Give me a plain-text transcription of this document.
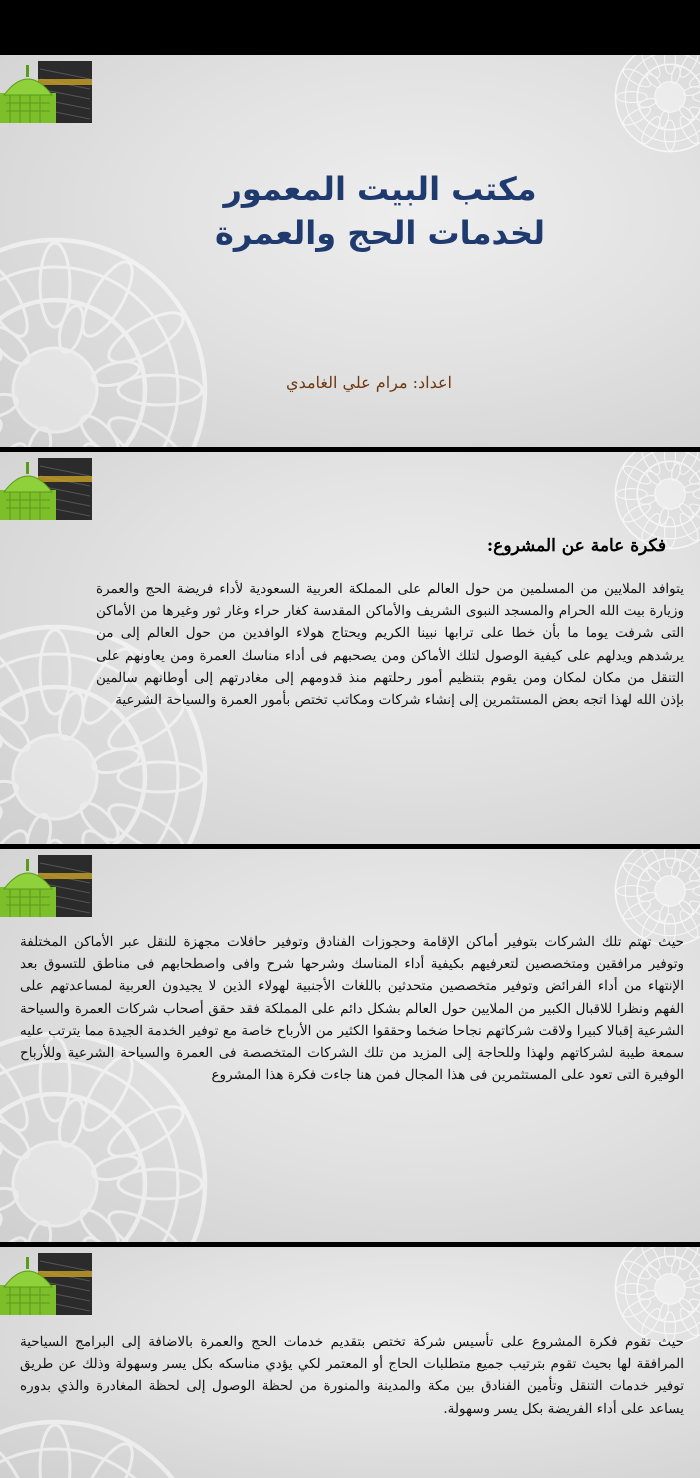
مكتب البيت المعمور
لخدمات الحج والعمرة
اعداد: مرام علي الغامدي
فكرة عامة عن المشروع:
يتوافد الملايين من المسلمين من حول العالم على المملكة العربية السعودية لأداء فريضة الحج والعمرة وزيارة بيت الله الحرام والمسجد النبوى الشريف والأماكن المقدسة كغار حراء وغار ثور وغيرها من الأماكن التى شرفت يوما ما بأن خطا على ترابها نبينا الكريم ويحتاج هولاء الوافدين من حول العالم إلى من يرشدهم ويدلهم على كيفية الوصول لتلك الأماكن ومن يصحبهم فى أداء مناسك العمرة ومن يعاونهم على التنقل من مكان لمكان ومن يقوم بتنظيم أمور رحلتهم منذ قدومهم إلى مغادرتهم إلى أوطانهم سالمين بإذن الله لهذا اتجه بعض المستثمرين إلى إنشاء شركات ومكاتب تختص بأمور العمرة والسياحة الشرعية
حيث تهتم تلك الشركات بتوفير أماكن الإقامة وحجوزات الفنادق وتوفير حافلات مجهزة للنقل عبر الأماكن المختلفة وتوفير مرافقين ومتخصصين لتعرفيهم بكيفية أداء المناسك وشرحها شرح وافى واصطحابهم فى مناطق للتسوق بعد الإنتهاء من أداء الفرائض وتوفير متخصصين متحدثين باللغات الأجنبية لهولاء الذين لا يجيدون العربية لمساعدتهم على الفهم ونظرا للاقبال الكبير من الملايين حول العالم بشكل دائم على المملكة فقد حقق أصحاب شركات العمرة والسياحة الشرعية إقبالا كبيرا ولاقت شركاتهم نجاحا ضخما وحققوا الكثير من الأرباح خاصة مع توفير الخدمة الجيدة مما يترتب عليه سمعة طيبة لشركاتهم ولهذا وللحاجة إلى المزيد من تلك الشركات المتخصصة فى العمرة والسياحة الشرعية وللأرباح الوفيرة التى تعود على المستثمرين فى هذا المجال فمن هنا جاءت فكرة هذا المشروع
حيث تقوم فكرة المشروع على تأسيس شركة تختص بتقديم خدمات الحج والعمرة بالاضافة إلى البرامج السياحية المرافقة لها بحيث تقوم بترتيب جميع متطلبات الحاج أو المعتمر لكي يؤدي مناسكه بكل يسر وسهولة وذلك عن طريق توفير خدمات التنقل وتأمين الفنادق بين مكة والمدينة والمنورة من لحظة الوصول إلى لحظة المغادرة والذي بدوره يساعد على أداء الفريضة بكل يسر وسهولة.
